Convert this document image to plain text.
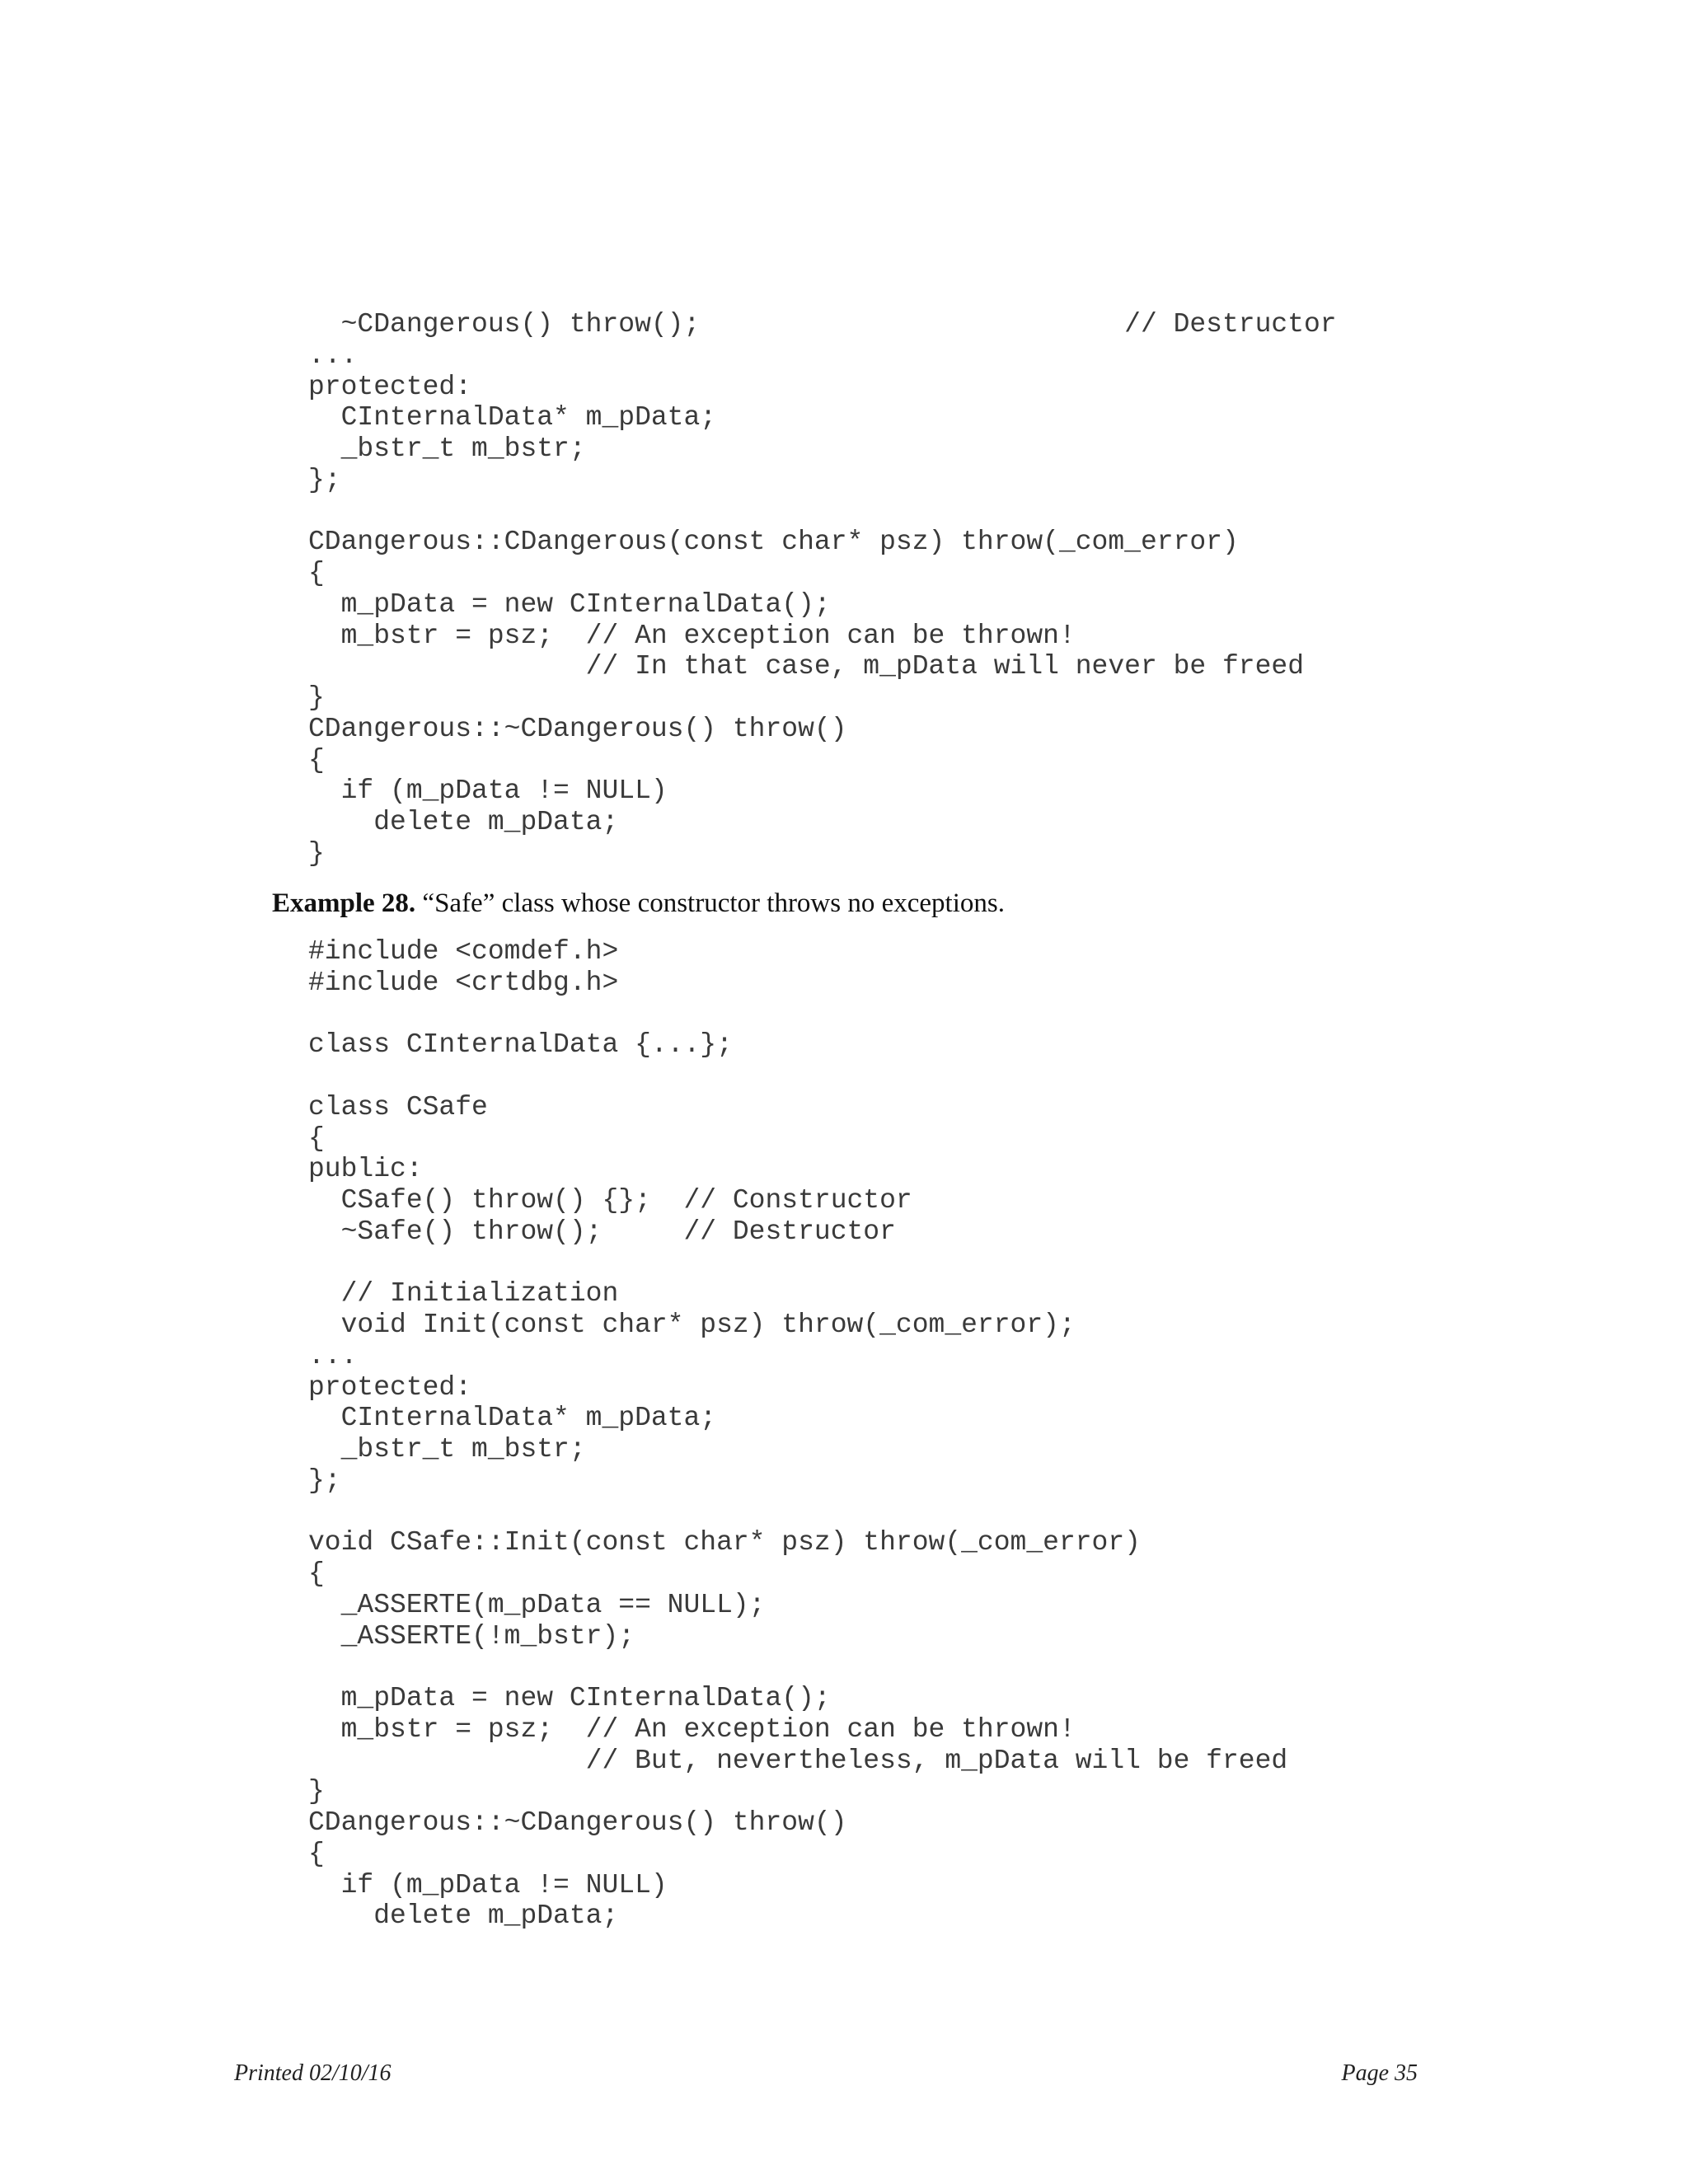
~CDangerous() throw();                          // Destructor
...
protected:
CInternalData* m_pData;
_bstr_t m_bstr;
};
CDangerous::CDangerous(const char* psz) throw(_com_error)
{
m_pData = new CInternalData();
m_bstr = psz;  // An exception can be thrown!
// In that case, m_pData will never be freed
}
CDangerous::~CDangerous() throw()
{
if (m_pData != NULL)
delete m_pData;
}
Example 28. “Safe” class whose constructor throws no exceptions.
#include <comdef.h>
#include <crtdbg.h>
class CInternalData {...};
class CSafe
{
public:
CSafe() throw() {};  // Constructor
~Safe() throw();     // Destructor
// Initialization
void Init(const char* psz) throw(_com_error);
...
protected:
CInternalData* m_pData;
_bstr_t m_bstr;
};
void CSafe::Init(const char* psz) throw(_com_error)
{
_ASSERTE(m_pData == NULL);
_ASSERTE(!m_bstr);
m_pData = new CInternalData();
m_bstr = psz;  // An exception can be thrown!
// But, nevertheless, m_pData will be freed
}
CDangerous::~CDangerous() throw()
{
if (m_pData != NULL)
delete m_pData;
Printed 02/10/16	Page 35
